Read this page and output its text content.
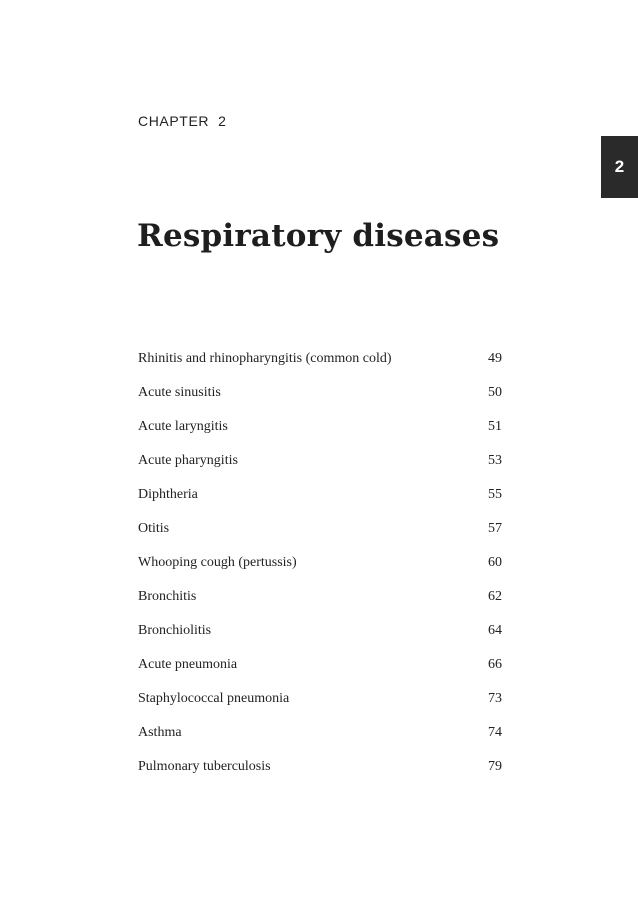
CHAPTER  2
2
Respiratory diseases
Rhinitis and rhinopharyngitis (common cold)	49
Acute sinusitis	50
Acute laryngitis	51
Acute pharyngitis	53
Diphtheria	55
Otitis	57
Whooping cough (pertussis)	60
Bronchitis	62
Bronchiolitis	64
Acute pneumonia	66
Staphylococcal pneumonia	73
Asthma	74
Pulmonary tuberculosis	79
